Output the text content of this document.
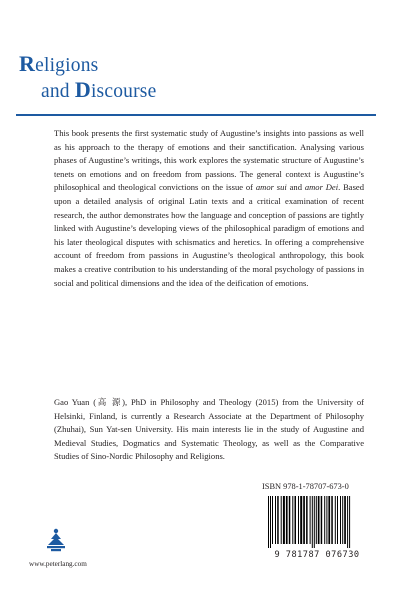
Religions
and Discourse

This book presents the first systematic study of Augustine’s insights into passions as well as his approach to the therapy of emotions and their sanctification. Analysing various phases of Augustine’s writings, this work explores the systematic structure of Augustine’s tenets on emotions and on freedom from passions. The general context is Augustine’s philosophical and theological convictions on the issue of amor sui and amor Dei. Based upon a detailed analysis of original Latin texts and a critical examination of recent research, the author demonstrates how the language and conception of passions are tightly linked with Augustine’s developing views of the philosophical paradigm of emotions and his later theological disputes with schismatics and heretics. In offering a comprehensive account of freedom from passions in Augustine’s theological anthropology, this book makes a creative contribution to his understanding of the moral psychology of passions in social and political dimensions and the idea of the deification of emotions.

Gao Yuan (高 源), PhD in Philosophy and Theology (2015) from the University of Helsinki, Finland, is currently a Research Associate at the Department of Philosophy (Zhuhai), Sun Yat-sen University. His main interests lie in the study of Augustine and Medieval Studies, Dogmatics and Systematic Theology, as well as the Comparative Studies of Sino-Nordic Philosophy and Religions.

ISBN 978-1-78707-673-0
9 781787 076730
www.peterlang.com
